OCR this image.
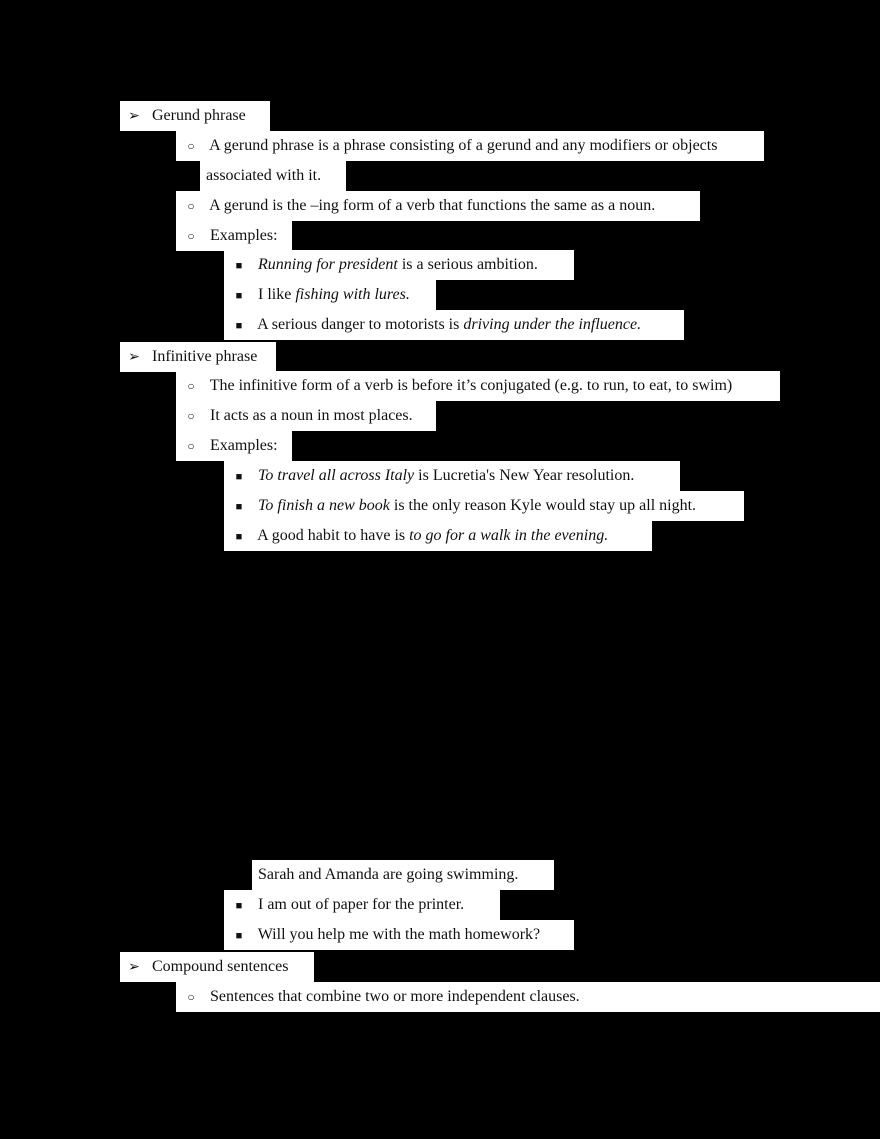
➢ Gerund phrase
○ A gerund phrase is a phrase consisting of a gerund and any modifiers or objects
associated with it.
○ A gerund is the –ing form of a verb that functions the same as a noun.
○ Examples:
■ Running for president is a serious ambition.
■ I like fishing with lures.
■ A serious danger to motorists is driving under the influence.
➢ Infinitive phrase
○ The infinitive form of a verb is before it’s conjugated (e.g. to run, to eat, to swim)
○ It acts as a noun in most places.
○ Examples:
■ To travel all across Italy is Lucretia's New Year resolution.
■ To finish a new book is the only reason Kyle would stay up all night.
■ A good habit to have is to go for a walk in the evening.
Sarah and Amanda are going swimming.
■ I am out of paper for the printer.
■ Will you help me with the math homework?
➢ Compound sentences
○ Sentences that combine two or more independent clauses.
